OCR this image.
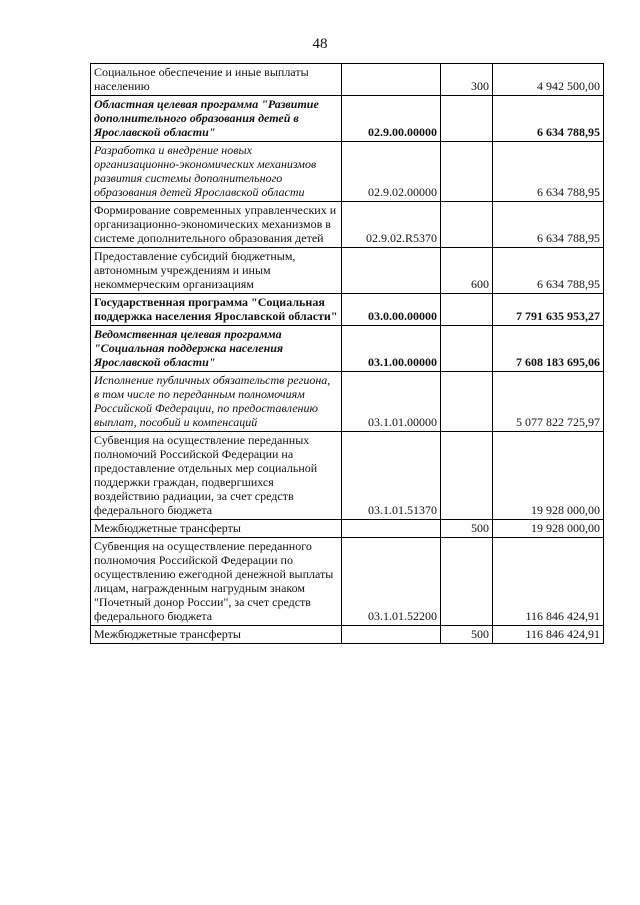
48
Социальное обеспечение и иные выплаты населению		300	4 942 500,00
Областная целевая программа "Развитие дополнительного образования детей в Ярославской области"	02.9.00.00000		6 634 788,95
Разработка и внедрение новых организационно-экономических механизмов развития системы дополнительного образования детей Ярославской области	02.9.02.00000		6 634 788,95
Формирование современных управленческих и организационно-экономических механизмов в системе дополнительного образования детей	02.9.02.R5370		6 634 788,95
Предоставление субсидий бюджетным, автономным учреждениям и иным некоммерческим организациям		600	6 634 788,95
Государственная программа "Социальная поддержка населения Ярославской области"	03.0.00.00000		7 791 635 953,27
Ведомственная целевая программа "Социальная поддержка населения Ярославской области"	03.1.00.00000		7 608 183 695,06
Исполнение публичных обязательств региона, в том числе по переданным полномочиям Российской Федерации, по предоставлению выплат, пособий и компенсаций	03.1.01.00000		5 077 822 725,97
Субвенция на осуществление переданных полномочий Российской Федерации на предоставление отдельных мер социальной поддержки граждан, подвергшихся воздействию радиации, за счет средств федерального бюджета	03.1.01.51370		19 928 000,00
Межбюджетные трансферты		500	19 928 000,00
Субвенция на осуществление переданного полномочия Российской Федерации по осуществлению ежегодной денежной выплаты лицам, награжденным нагрудным знаком "Почетный донор России", за счет средств федерального бюджета	03.1.01.52200		116 846 424,91
Межбюджетные трансферты		500	116 846 424,91
